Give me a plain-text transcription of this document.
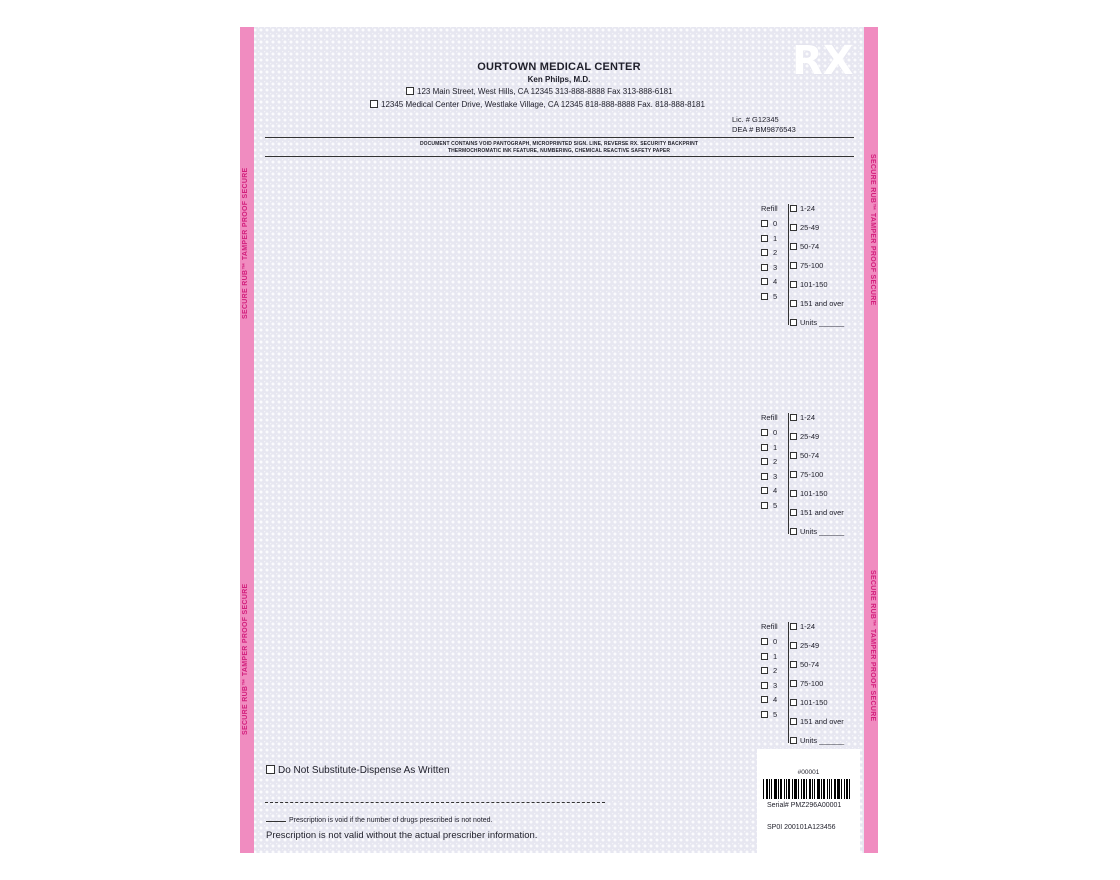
SECURE RUB™ TAMPER PROOF SECURE
SECURE RUB™ TAMPER PROOF SECURE
SECURE RUB™ TAMPER PROOF SECURE
SECURE RUB™ TAMPER PROOF SECURE
RX
OURTOWN MEDICAL CENTER
Ken Philps, M.D.
123 Main Street, West Hills, CA 12345 313-888-8888 Fax 313-888-6181
12345 Medical Center Drive, Westlake Village, CA 12345 818-888-8888 Fax. 818-888-8181
Lic. # G12345
DEA # BM9876543
DOCUMENT CONTAINS VOID PANTOGRAPH, MICROPRINTED SIGN. LINE, REVERSE RX. SECURITY BACKPRINT
THERMOCHROMATIC INK FEATURE, NUMBERING, CHEMICAL REACTIVE SAFETY PAPER
Refill
0
1
2
3
4
5
1-24
25-49
50-74
75-100
101-150
151 and over
Units ______
Refill
0
1
2
3
4
5
1-24
25-49
50-74
75-100
101-150
151 and over
Units ______
Refill
0
1
2
3
4
5
1-24
25-49
50-74
75-100
101-150
151 and over
Units ______
Do Not Substitute-Dispense As Written
Prescription is void if the number of drugs prescribed is not noted.
Prescription is not valid without the actual prescriber information.
#00001
Serial# PMZ296A00001
SP0I 200101A123456
